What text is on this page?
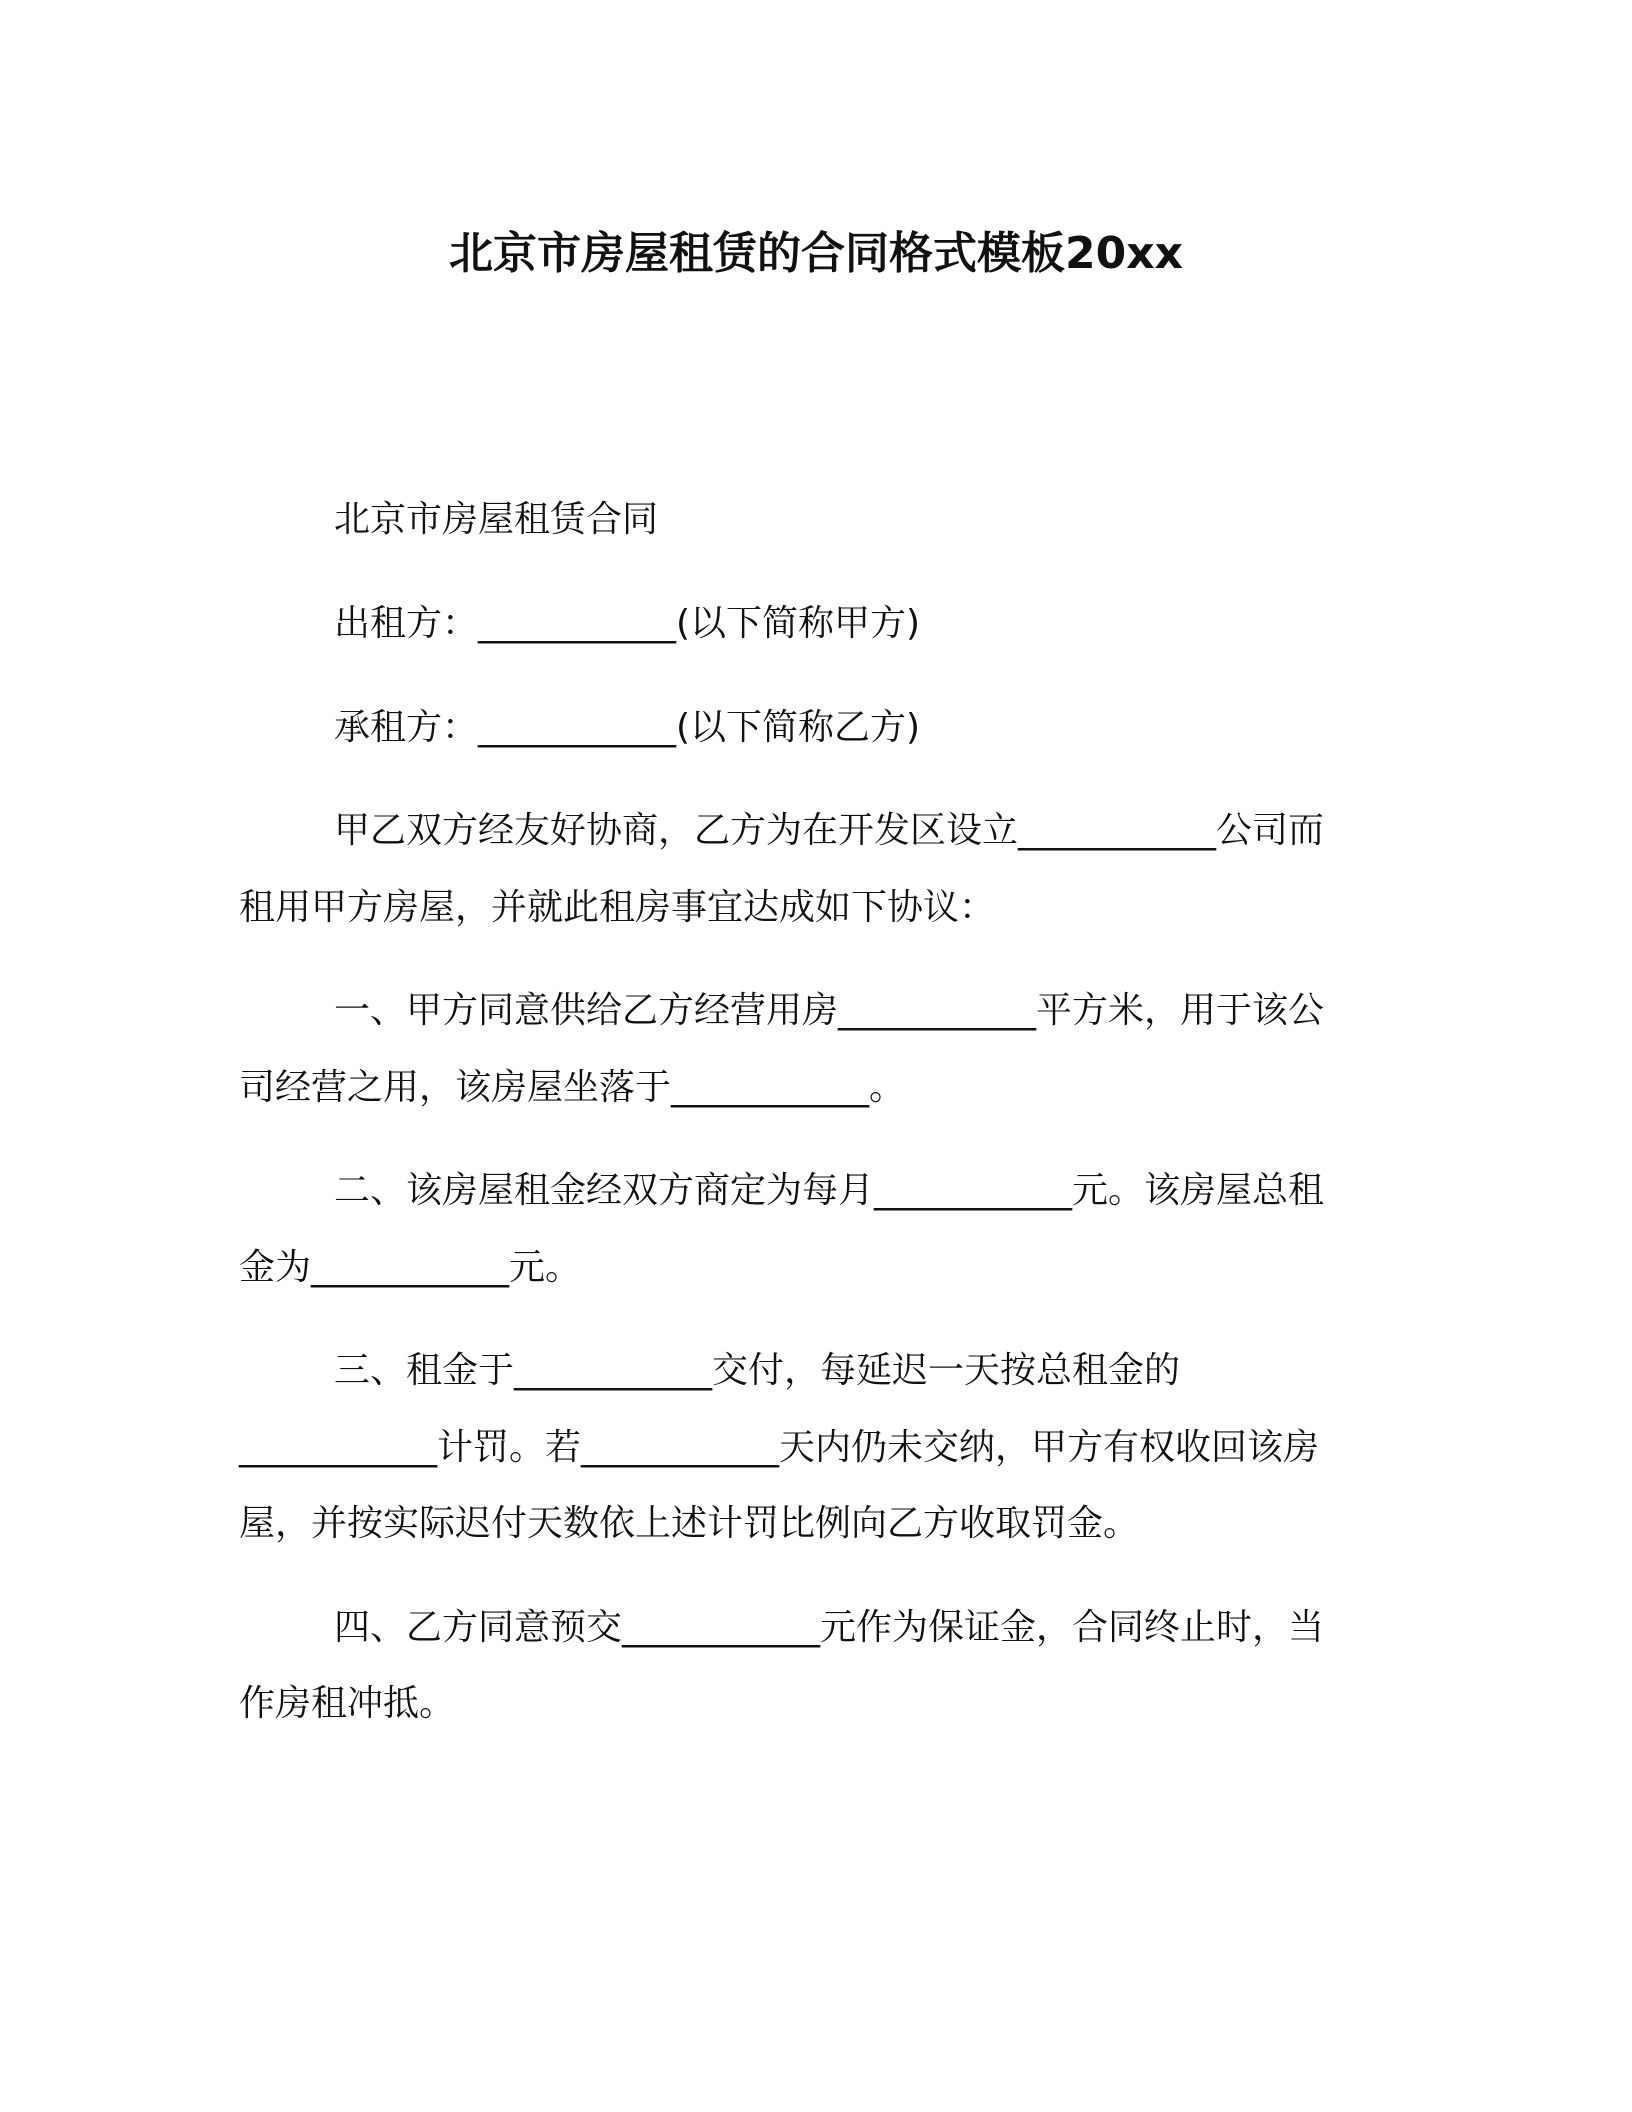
北京市房屋租赁的合同格式模板20xx
北京市房屋租赁合同
出租方：___________(以下简称甲方)
承租方：___________(以下简称乙方)
甲乙双方经友好协商，乙方为在开发区设立___________公司而
租用甲方房屋，并就此租房事宜达成如下协议：
一、甲方同意供给乙方经营用房___________平方米，用于该公
司经营之用，该房屋坐落于___________。
二、该房屋租金经双方商定为每月___________元。该房屋总租
金为___________元。
三、租金于___________交付，每延迟一天按总租金的
___________计罚。若___________天内仍未交纳，甲方有权收回该房
屋，并按实际迟付天数依上述计罚比例向乙方收取罚金。
四、乙方同意预交___________元作为保证金，合同终止时，当
作房租冲抵。
